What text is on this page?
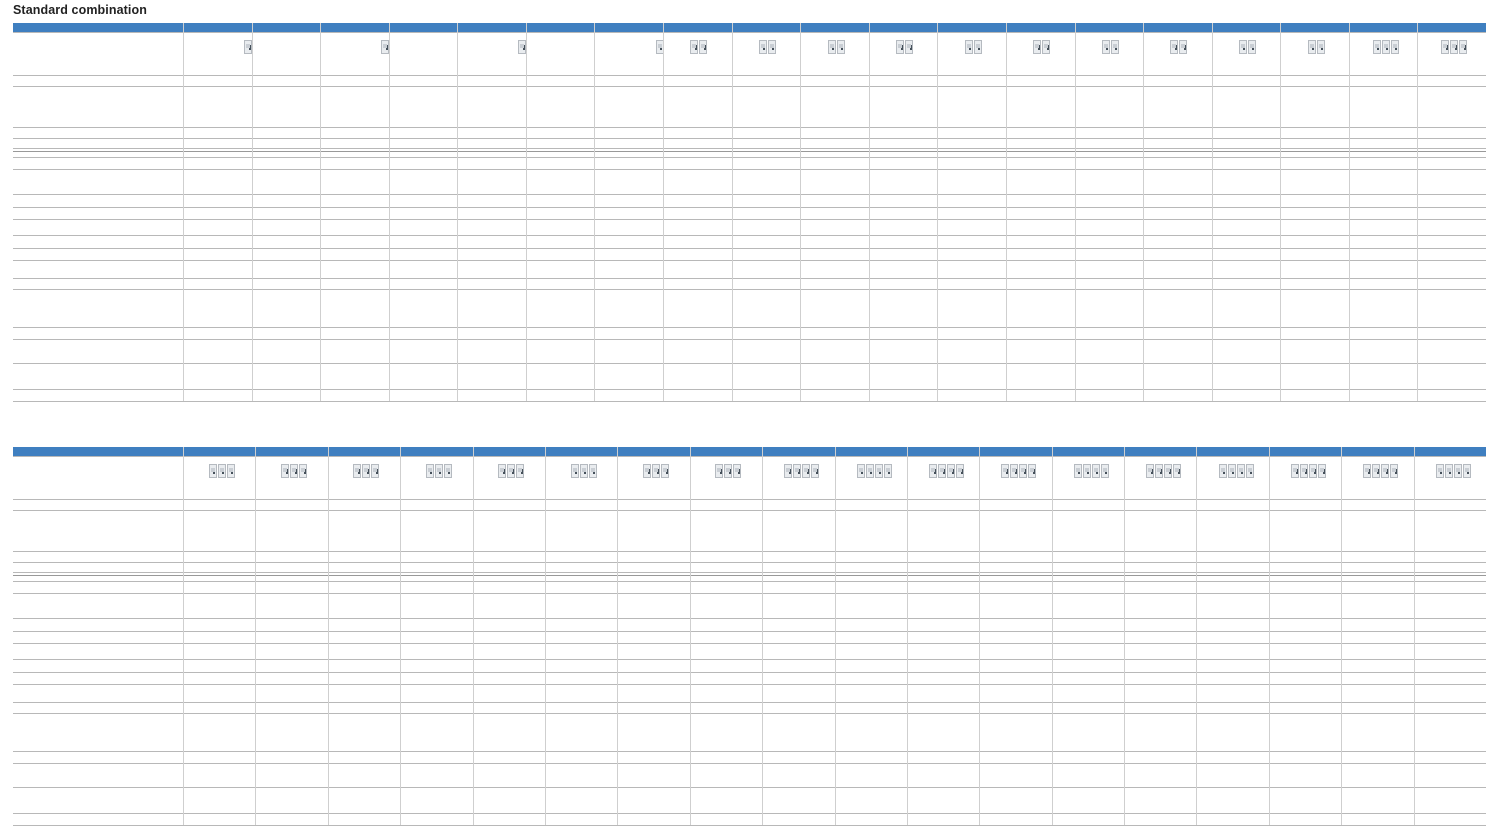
Standard combination
